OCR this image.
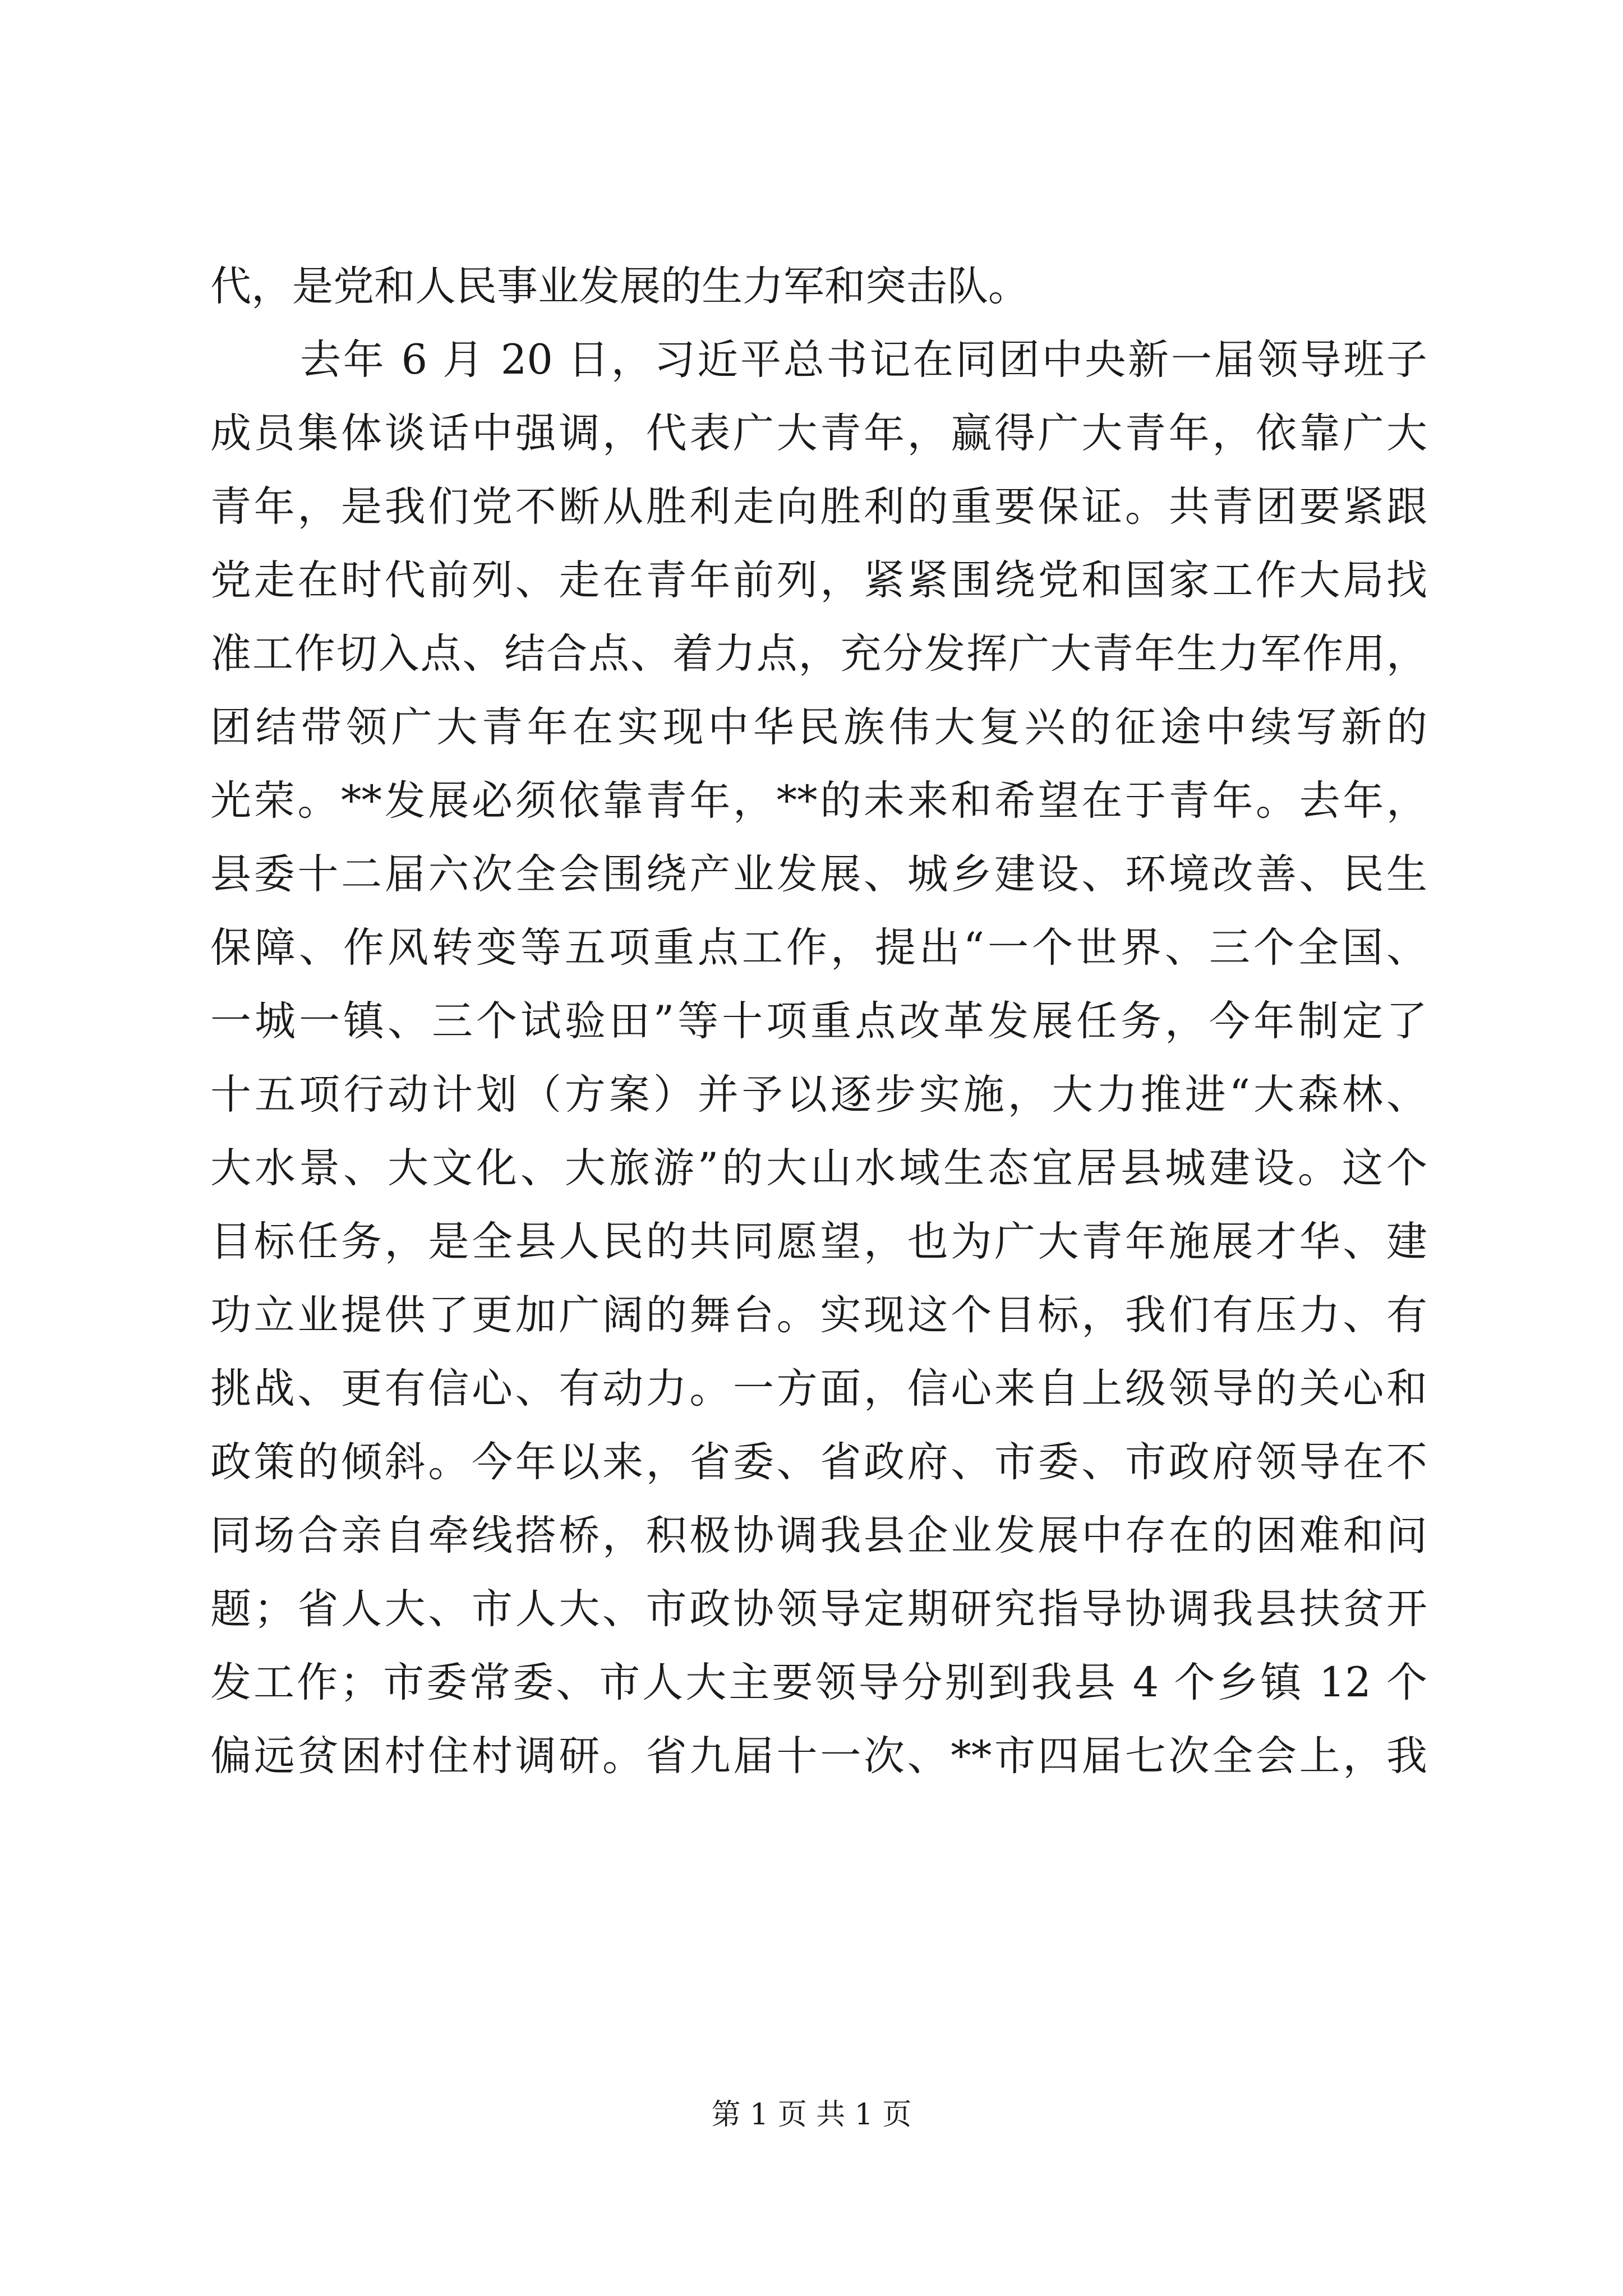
代，是党和人民事业发展的生力军和突击队。
去年 6 月 20 日，习近平总书记在同团中央新一届领导班子
成员集体谈话中强调，代表广大青年，赢得广大青年，依靠广大
青年，是我们党不断从胜利走向胜利的重要保证。共青团要紧跟
党走在时代前列、走在青年前列，紧紧围绕党和国家工作大局找
准工作切入点、结合点、着力点，充分发挥广大青年生力军作用，
团结带领广大青年在实现中华民族伟大复兴的征途中续写新的
光荣。**发展必须依靠青年，**的未来和希望在于青年。去年，
县委十二届六次全会围绕产业发展、城乡建设、环境改善、民生
保障、作风转变等五项重点工作，提出“一个世界、三个全国、
一城一镇、三个试验田”等十项重点改革发展任务，今年制定了
十五项行动计划（方案）并予以逐步实施，大力推进“大森林、
大水景、大文化、大旅游”的大山水域生态宜居县城建设。这个
目标任务，是全县人民的共同愿望，也为广大青年施展才华、建
功立业提供了更加广阔的舞台。实现这个目标，我们有压力、有
挑战、更有信心、有动力。一方面，信心来自上级领导的关心和
政策的倾斜。今年以来，省委、省政府、市委、市政府领导在不
同场合亲自牵线搭桥，积极协调我县企业发展中存在的困难和问
题；省人大、市人大、市政协领导定期研究指导协调我县扶贫开
发工作；市委常委、市人大主要领导分别到我县 4 个乡镇 12 个
偏远贫困村住村调研。省九届十一次、**市四届七次全会上，我
第 1 页 共 1 页
